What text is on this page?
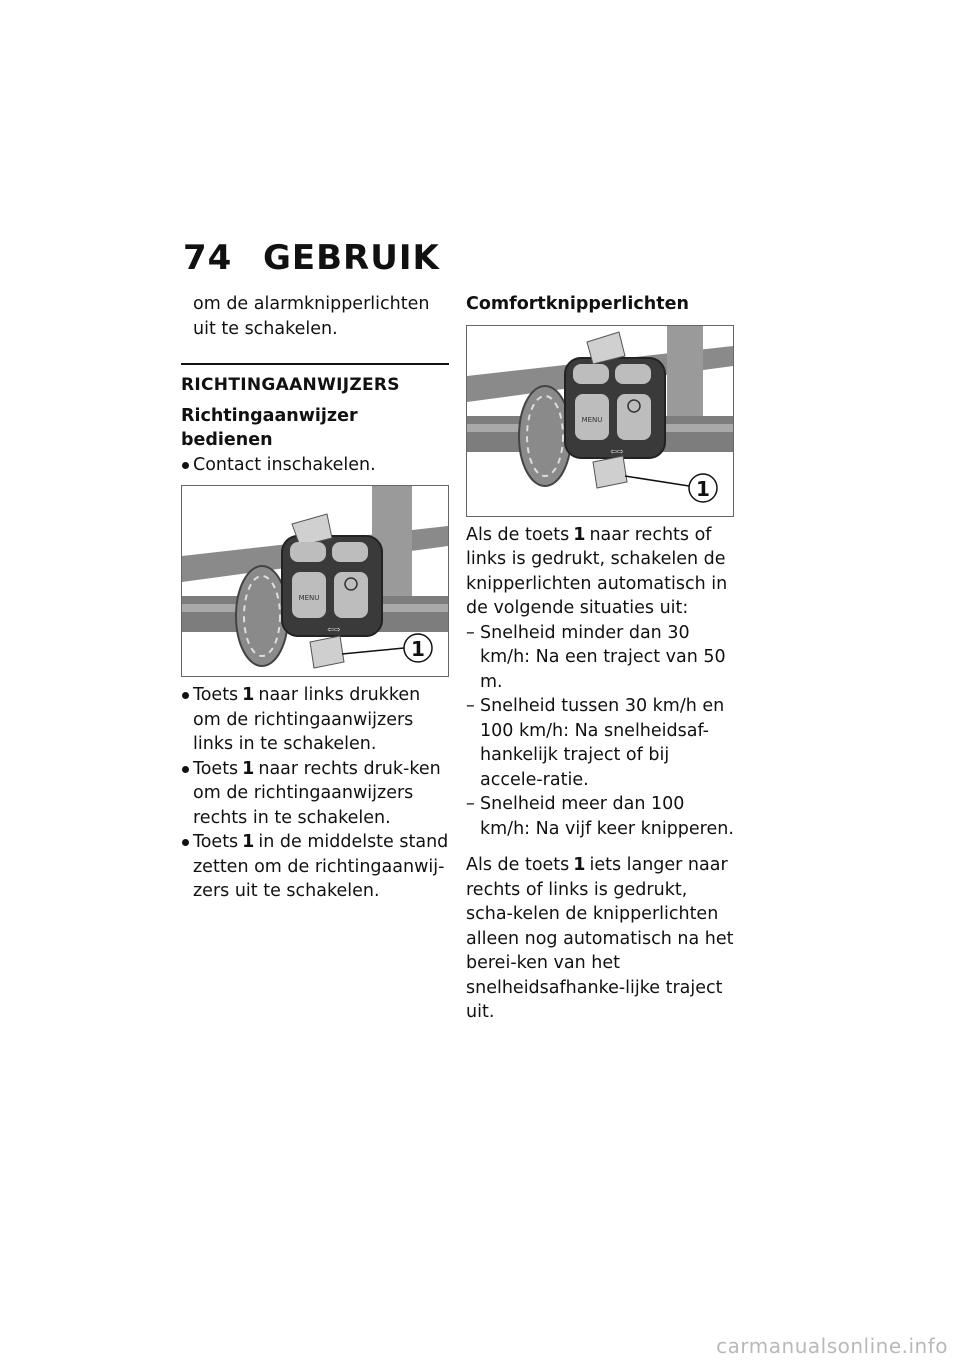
74 GEBRUIK

om de alarmknipperlichten uit te schakelen.

RICHTINGAANWIJZERS
Richtingaanwijzer bedienen
Contact inschakelen.
MENU
⇦⇨
1
Toets 1 naar links drukken om de richtingaanwijzers links in te schakelen.
Toets 1 naar rechts druk-ken om de richtingaanwijzers rechts in te schakelen.
Toets 1 in de middelste stand zetten om de richtingaanwij-zers uit te schakelen.
Comfortknipperlichten
MENU
⇦⇨
1

Als de toets 1 naar rechts of links is gedrukt, schakelen de knipperlichten automatisch in de volgende situaties uit:

– Snelheid minder dan 30 km/h: Na een traject van 50 m.
– Snelheid tussen 30 km/h en 100 km/h: Na snelheidsaf-hankelijk traject of bij accele-ratie.
– Snelheid meer dan 100 km/h: Na vijf keer knipperen.

Als de toets 1 iets langer naar rechts of links is gedrukt, scha-kelen de knipperlichten alleen nog automatisch na het berei-ken van het snelheidsafhanke-lijke traject uit.

carmanualsonline.info
